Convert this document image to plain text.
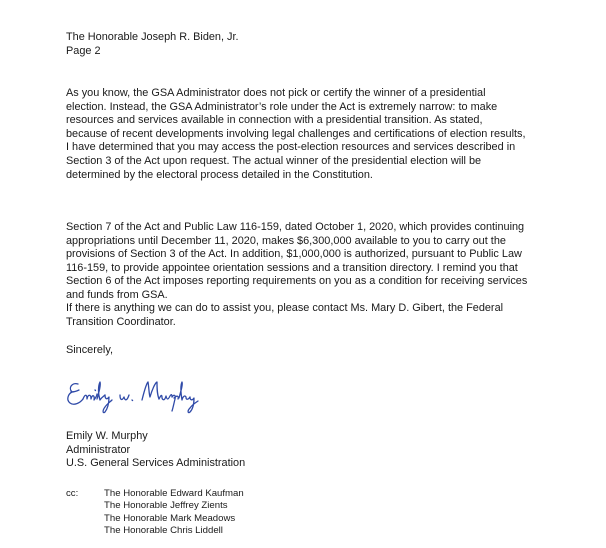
The Honorable Joseph R. Biden, Jr.
Page 2
As you know, the GSA Administrator does not pick or certify the winner of a presidential
election. Instead, the GSA Administrator’s role under the Act is extremely narrow: to make
resources and services available in connection with a presidential transition. As stated,
because of recent developments involving legal challenges and certifications of election results,
I have determined that you may access the post-election resources and services described in
Section 3 of the Act upon request. The actual winner of the presidential election will be
determined by the electoral process detailed in the Constitution.
Section 7 of the Act and Public Law 116-159, dated October 1, 2020, which provides continuing
appropriations until December 11, 2020, makes $6,300,000 available to you to carry out the
provisions of Section 3 of the Act. In addition, $1,000,000 is authorized, pursuant to Public Law
116-159, to provide appointee orientation sessions and a transition directory. I remind you that
Section 6 of the Act imposes reporting requirements on you as a condition for receiving services
and funds from GSA.
If there is anything we can do to assist you, please contact Ms. Mary D. Gibert, the Federal
Transition Coordinator.
Sincerely,
Emily W. Murphy
Administrator
U.S. General Services Administration
cc:	The Honorable Edward Kaufman
The Honorable Jeffrey Zients
The Honorable Mark Meadows
The Honorable Chris Liddell
